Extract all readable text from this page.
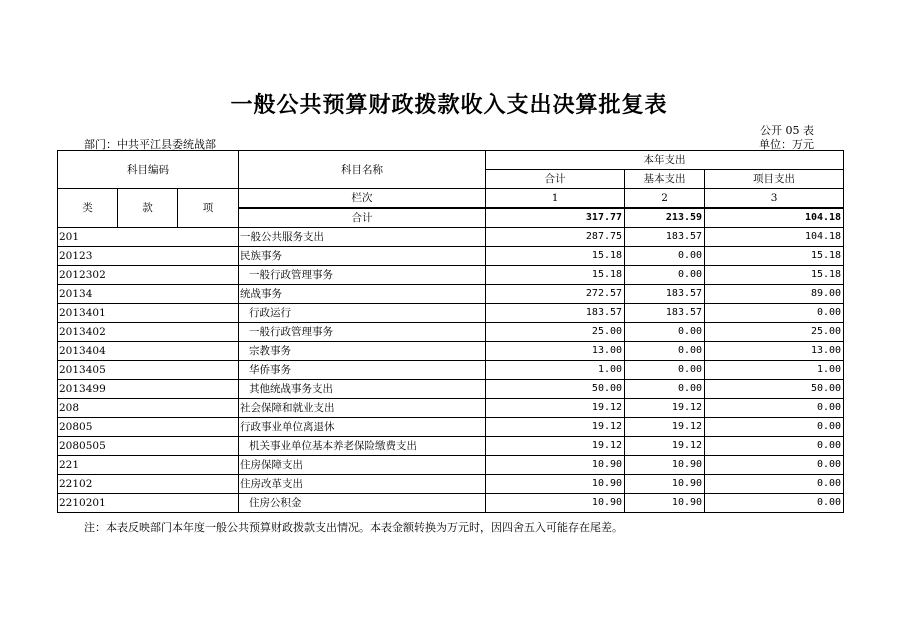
一般公共预算财政拨款收入支出决算批复表
公开 05 表
部门：中共平江县委统战部	单位：万元
科目编码			科目名称	本年支出		
				合计	基本支出	项目支出
类	款	项	栏次	1	2	3
			合计	317.77	213.59	104.18
201			一般公共服务支出	287.75	183.57	104.18
20123			民族事务	15.18	0.00	15.18
2012302			一般行政管理事务	15.18	0.00	15.18
20134			统战事务	272.57	183.57	89.00
2013401			行政运行	183.57	183.57	0.00
2013402			一般行政管理事务	25.00	0.00	25.00
2013404			宗教事务	13.00	0.00	13.00
2013405			华侨事务	1.00	0.00	1.00
2013499			其他统战事务支出	50.00	0.00	50.00
208			社会保障和就业支出	19.12	19.12	0.00
20805			行政事业单位离退休	19.12	19.12	0.00
2080505			机关事业单位基本养老保险缴费支出	19.12	19.12	0.00
221			住房保障支出	10.90	10.90	0.00
22102			住房改革支出	10.90	10.90	0.00
2210201			住房公积金	10.90	10.90	0.00
注：本表反映部门本年度一般公共预算财政拨款支出情况。本表金额转换为万元时，因四舍五入可能存在尾差。
